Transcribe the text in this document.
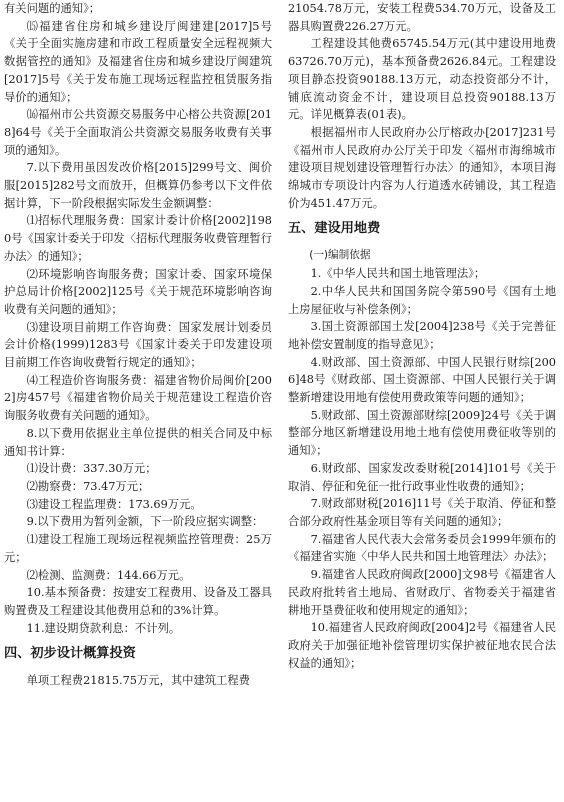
有关问题的通知》；

⒂福建省住房和城乡建设厅闽建建[2017]5号《关于全面实施房建和市政工程质量安全远程视频大数据管控的通知》及福建省住房和城乡建设厅闽建筑[2017]5号《关于发布施工现场远程监控租赁服务指导价的通知》；

⒃福州市公共资源交易服务中心榕公共资源[2018]64号《关于全面取消公共资源交易服务收费有关事项的通知》。

7.以下费用虽因发改价格[2015]299号文、闽价服[2015]282号文而放开，但概算仍参考以下文件依据计算，下一阶段根据实际发生金额调整：

⑴招标代理服务费：国家计委计价格[2002]1980号《国家计委关于印发〈招标代理服务收费管理暂行办法〉的通知》；

⑵环境影响咨询服务费；国家计委、国家环境保护总局计价格[2002]125号《关于规范环境影响咨询收费有关问题的通知》；

⑶建设项目前期工作咨询费：国家发展计划委员会计价格(1999)1283号《国家计委关于印发建设项目前期工作咨询收费暂行规定的通知》；

⑷工程造价咨询服务费：福建省物价局闽价[2002]房457号《福建省物价局关于规范建设工程造价咨询服务收费有关问题的通知》。

8.以下费用依据业主单位提供的相关合同及中标通知书计算：

⑴设计费：337.30万元；

⑵勘察费：73.47万元；

⑶建设工程监理费：173.69万元。

9.以下费用为暂列金额，下一阶段应据实调整：

⑴建设工程施工现场远程视频监控管理费：25万元；

⑵检测、监测费：144.66万元。

10.基本预备费：按建安工程费用、设备及工器具购置费及工程建设其他费用总和的3%计算。

11.建设期贷款利息：不计列。

四、初步设计概算投资

单项工程费21815.75万元，其中建筑工程费

21054.78万元，安装工程费534.70万元，设备及工器具购置费226.27万元。

工程建设其他费65745.54万元(其中建设用地费63726.70万元)，基本预备费2626.84元。工程建设项目静态投资90188.13万元，动态投资部分不计，铺底流动资金不计，建设项目总投资90188.13万元。详见概算表(01表)。

根据福州市人民政府办公厅榕政办[2017]231号《福州市人民政府办公厅关于印发〈福州市海绵城市建设项目规划建设管理暂行办法〉的通知》，本项目海绵城市专项设计内容为人行道透水砖铺设，其工程造价为451.47万元。

五、建设用地费
(一)编制依据

1.《中华人民共和国土地管理法》；

2.中华人民共和国国务院令第590号《国有土地上房屋征收与补偿条例》；

3.国土资源部国土发[2004]238号《关于完善征地补偿安置制度的指导意见》；

4.财政部、国土资源部、中国人民银行财综[2006]48号《财政部、国土资源部、中国人民银行关于调整新增建设用地有偿使用费政策等问题的通知》；

5.财政部、国土资源部财综[2009]24号《关于调整部分地区新增建设用地土地有偿使用费征收等别的通知》；

6.财政部、国家发改委财税[2014]101号《关于取消、停征和免征一批行政事业性收费的通知》；

7.财政部财税[2016]11号《关于取消、停征和整合部分政府性基金项目等有关问题的通知》；

7.福建省人民代表大会常务委员会1999年颁布的《福建省实施〈中华人民共和国土地管理法〉办法》；

9.福建省人民政府闽政[2000]文98号《福建省人民政府批转省土地局、省财政厅、省物委关于福建省耕地开垦费征收和使用规定的通知》；

10.福建省人民政府闽政[2004]2号《福建省人民政府关于加强征地补偿管理切实保护被征地农民合法权益的通知》；
